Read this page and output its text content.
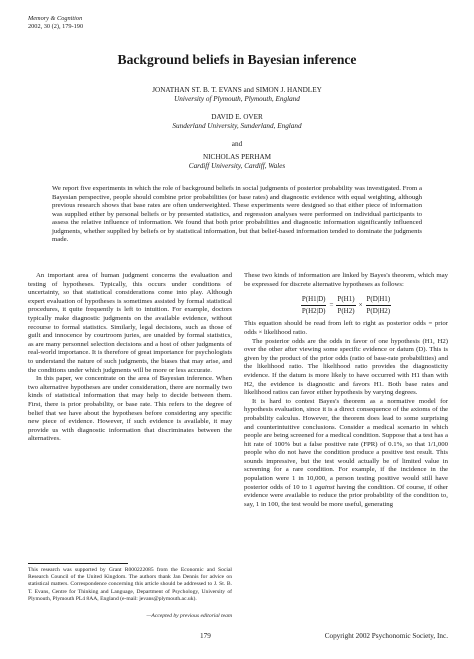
Memory & Cognition
2002, 30 (2), 179-190
Background beliefs in Bayesian inference
JONATHAN ST. B. T. EVANS and SIMON J. HANDLEY
University of Plymouth, Plymouth, England
DAVID E. OVER
Sunderland University, Sunderland, England
and
NICHOLAS PERHAM
Cardiff University, Cardiff, Wales
We report five experiments in which the role of background beliefs in social judgments of posterior probability was investigated. From a Bayesian perspective, people should combine prior probabilities (or base rates) and diagnostic evidence with equal weighting, although previous research shows that base rates are often underweighted. These experiments were designed so that either piece of information was supplied either by personal beliefs or by presented statistics, and regression analyses were performed on individual participants to assess the relative influence of information. We found that both prior probabilities and diagnostic information significantly influenced judgments, whether supplied by beliefs or by statistical information, but that belief-based information tended to dominate the judgments made.

An important area of human judgment concerns the evaluation and testing of hypotheses. Typically, this occurs under conditions of uncertainty, so that statistical considerations come into play. Although expert evaluation of hypotheses is sometimes assisted by formal statistical procedures, it quite frequently is left to intuition. For example, doctors typically make diagnostic judgments on the available evidence, without recourse to formal statistics. Similarly, legal decisions, such as those of guilt and innocence by courtroom juries, are unaided by formal statistics, as are many personnel selection decisions and a host of other judgments of real-world importance. It is therefore of great importance for psychologists to understand the nature of such judgments, the biases that may arise, and the conditions under which judgments will be more or less accurate.

In this paper, we concentrate on the area of Bayesian inference. When two alternative hypotheses are under consideration, there are normally two kinds of statistical information that may help to decide between them. First, there is prior probability, or base rate. This refers to the degree of belief that we have about the hypotheses before considering any specific new piece of evidence. However, if such evidence is available, it may provide us with diagnostic information that discriminates between the alternatives.

These two kinds of information are linked by Bayes's theorem, which may be expressed for discrete alternative hypotheses as follows:

$\frac{P(H1|D)}{P(H2|D)} = \frac{P(H1)}{P(H2)} \times \frac{P(D|H1)}{P(D|H2)}$

This equation should be read from left to right as posterior odds = prior odds × likelihood ratio.

The posterior odds are the odds in favor of one hypothesis (H1, H2) over the other after viewing some specific evidence or datum (D). This is given by the product of the prior odds (ratio of base-rate probabilities) and the likelihood ratio. The likelihood ratio provides the diagnosticity evidence. If the datum is more likely to have occurred with H1 than with H2, the evidence is diagnostic and favors H1. Both base rates and likelihood ratios can favor either hypothesis by varying degrees.

It is hard to contest Bayes's theorem as a normative model for hypothesis evaluation, since it is a direct consequence of the axioms of the probability calculus. However, the theorem does lead to some surprising and counterintuitive conclusions. Consider a medical scenario in which people are being screened for a medical condition. Suppose that a test has a hit rate of 100% but a false positive rate (FPR) of 0.1%, so that 1/1,000 people who do not have the condition produce a positive test result. This sounds impressive, but the test would actually be of limited value in screening for a rare condition. For example, if the incidence in the population were 1 in 10,000, a person testing positive would still have posterior odds of 10 to 1 against having the condition. Of course, if other evidence were available to reduce the prior probability of the condition to, say, 1 in 100, the test would be more useful, generating

This research was supported by Grant R000222085 from the Economic and Social Research Council of the United Kingdom. The authors thank Jan Dennis for advice on statistical matters. Correspondence concerning this article should be addressed to J. St. B. T. Evans, Centre for Thinking and Language, Department of Psychology, University of Plymouth, Plymouth PL4 8AA, England (e-mail: jevans@plymouth.ac.uk).
—Accepted by previous editorial team
179	Copyright 2002 Psychonomic Society, Inc.
